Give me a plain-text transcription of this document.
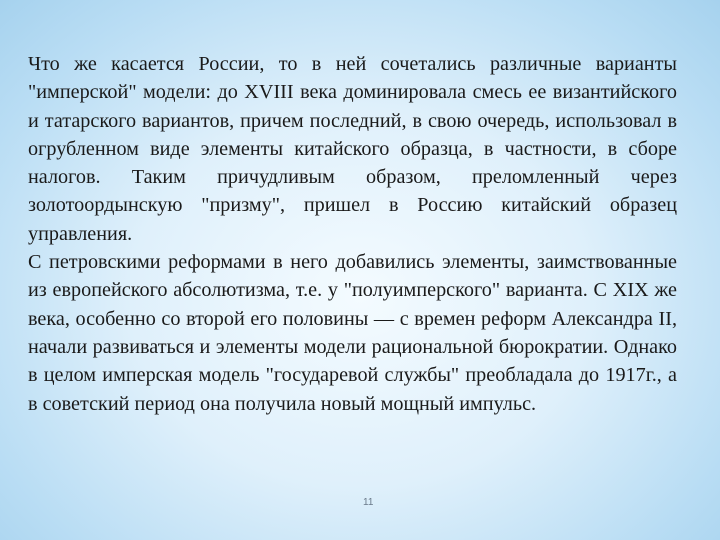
Что же касается России, то в ней сочетались различные варианты "имперской" модели: до XVIII века доминировала смесь ее византийского и татарского вариантов, причем последний, в свою очередь, использовал в огрубленном виде элементы китайского образца, в частности, в сборе налогов. Таким причудливым образом, преломленный через золотоордынскую "призму", пришел в Россию китайский образец управления.

С петровскими реформами в него добавились элементы, заимствованные из европейского абсолютизма, т.е. у "полуимперского" варианта. С XIX же века, особенно со второй его половины — с времен реформ Александра II, начали развиваться и элементы модели рациональной бюрократии. Однако в целом имперская модель "государевой службы" преобладала до 1917г., а в советский период она получила новый мощный импульс.

11
